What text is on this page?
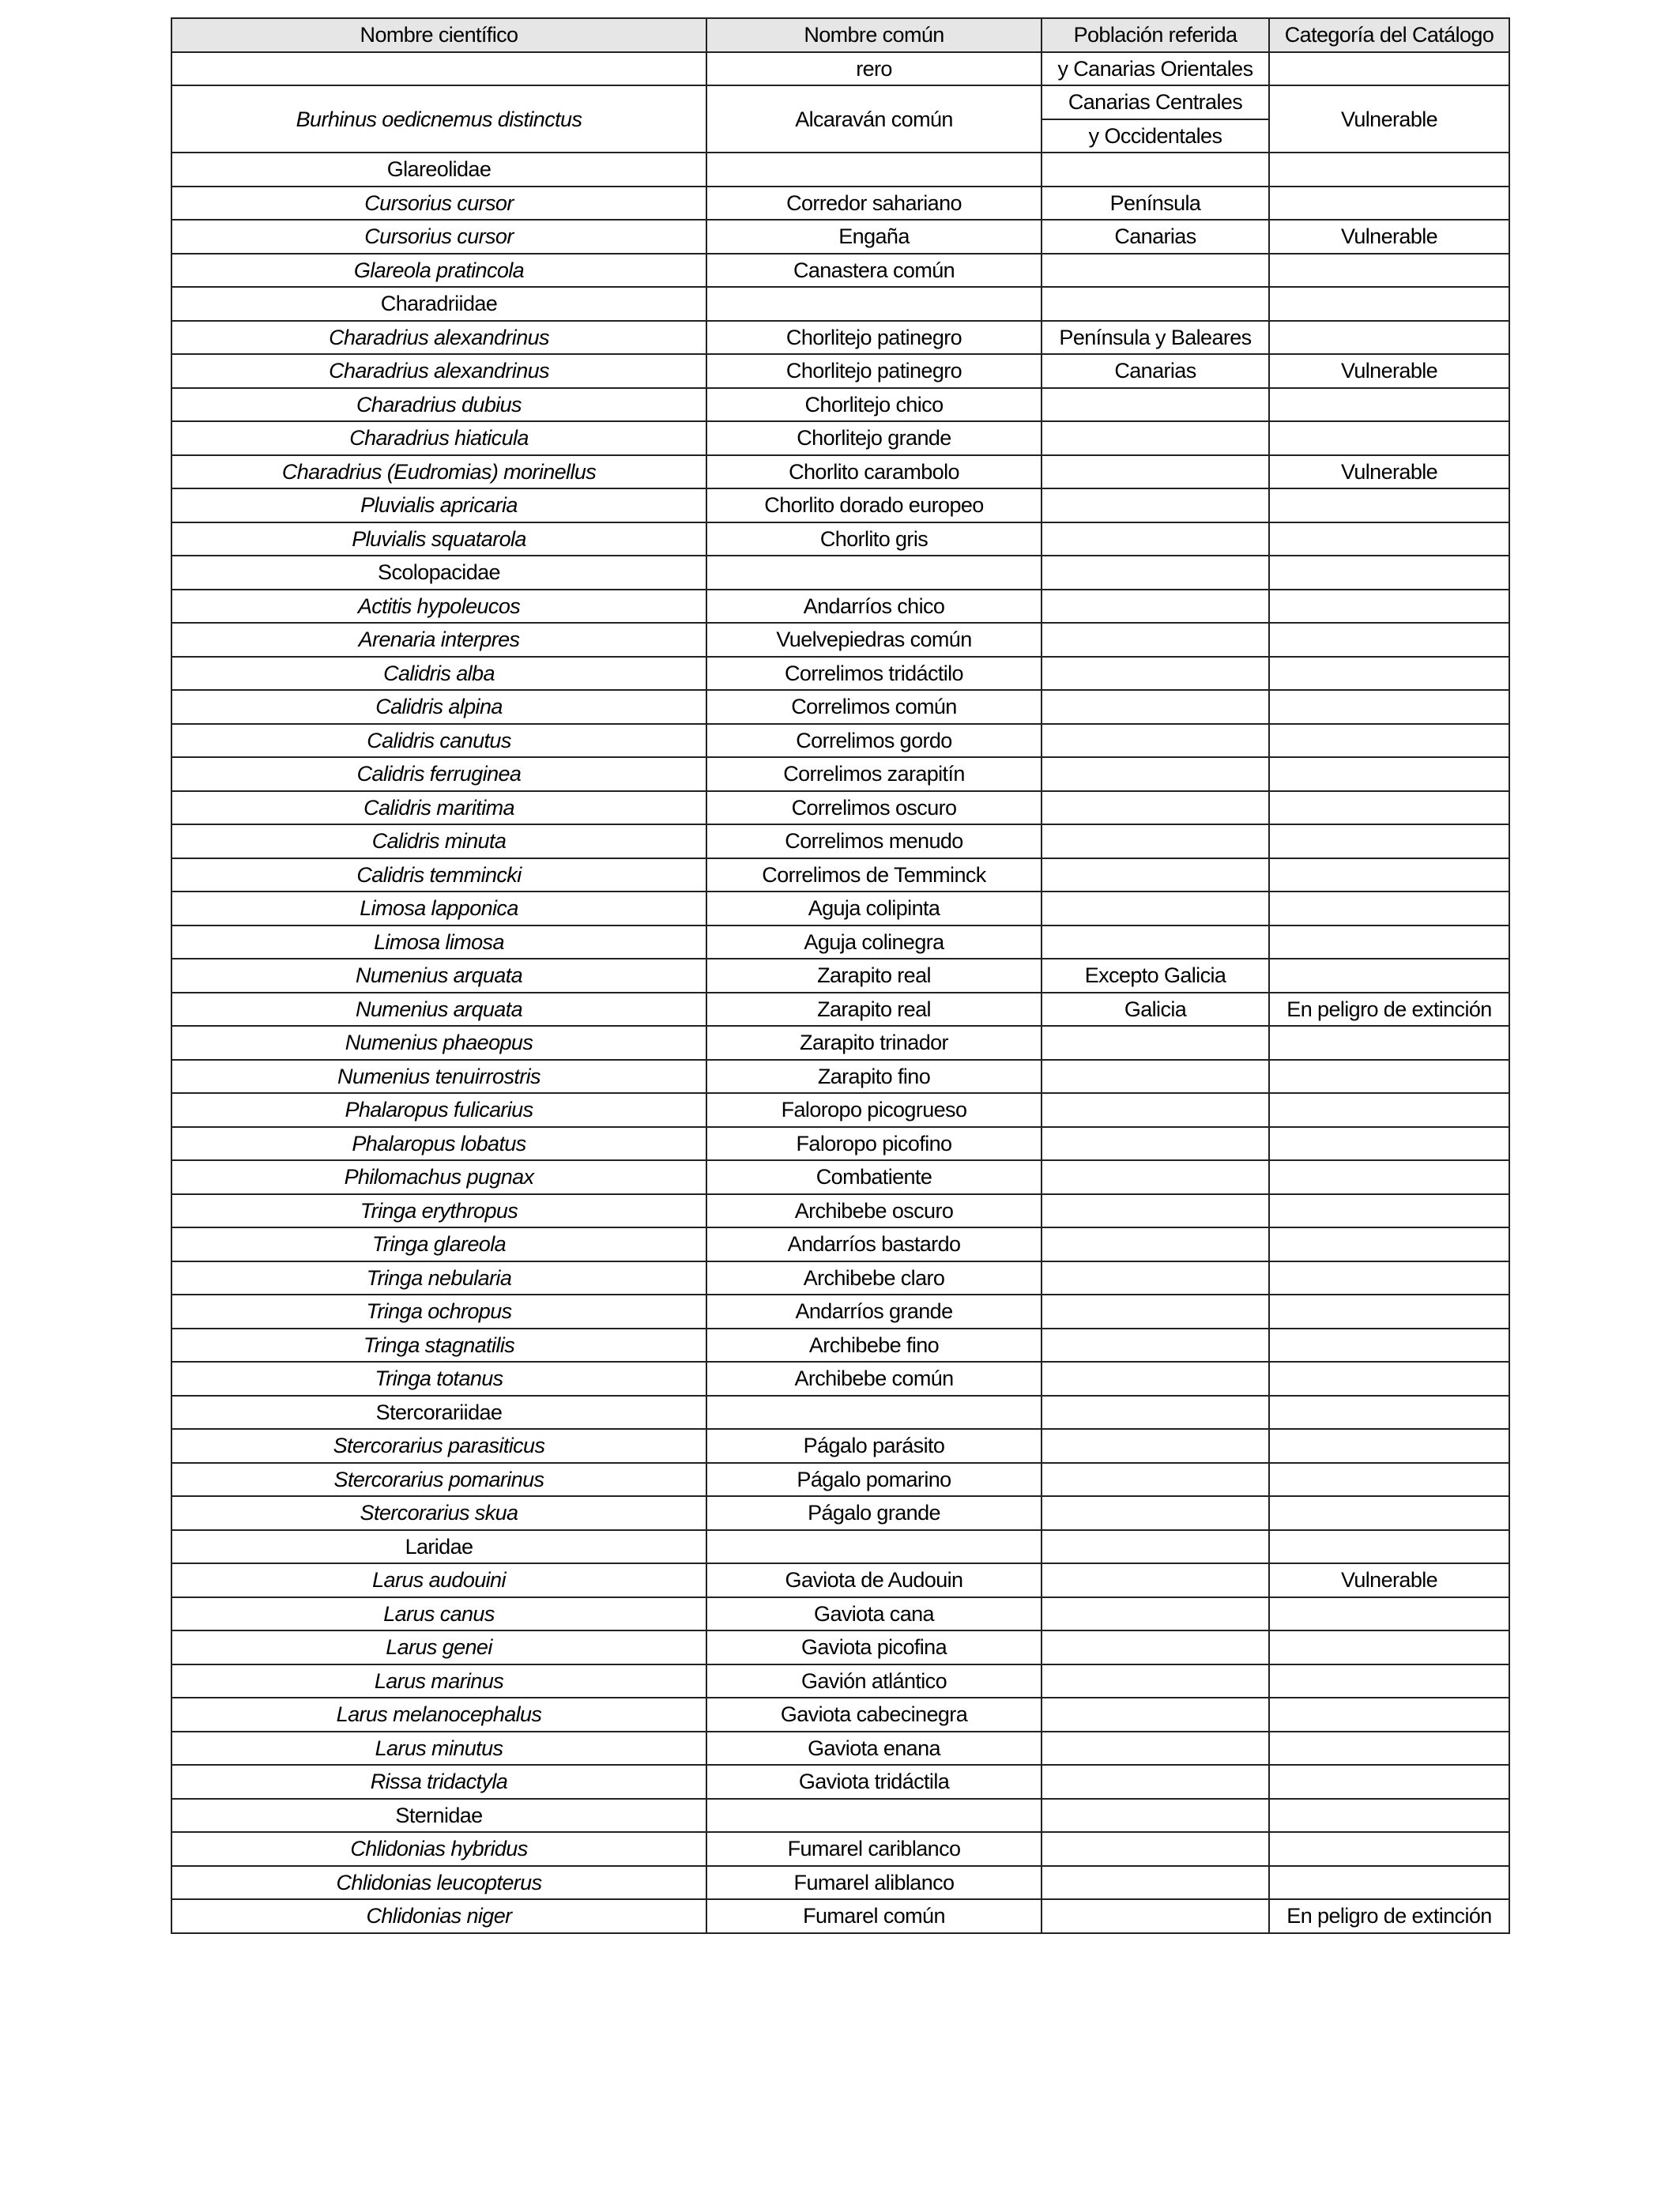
Nombre científico	Nombre común	Población referida	Categoría del Catálogo
	rero	y Canarias Orientales	
Burhinus oedicnemus distinctus	Alcaraván común	Canarias Centrales	Vulnerable
		y Occidentales	
Glareolidae			
Cursorius cursor	Corredor sahariano	Península	
Cursorius cursor	Engaña	Canarias	Vulnerable
Glareola pratincola	Canastera común		
Charadriidae			
Charadrius alexandrinus	Chorlitejo patinegro	Península y Baleares	
Charadrius alexandrinus	Chorlitejo patinegro	Canarias	Vulnerable
Charadrius dubius	Chorlitejo chico		
Charadrius hiaticula	Chorlitejo grande		
Charadrius (Eudromias) morinellus	Chorlito carambolo		Vulnerable
Pluvialis apricaria	Chorlito dorado europeo		
Pluvialis squatarola	Chorlito gris		
Scolopacidae			
Actitis hypoleucos	Andarríos chico		
Arenaria interpres	Vuelvepiedras común		
Calidris alba	Correlimos tridáctilo		
Calidris alpina	Correlimos común		
Calidris canutus	Correlimos gordo		
Calidris ferruginea	Correlimos zarapitín		
Calidris maritima	Correlimos oscuro		
Calidris minuta	Correlimos menudo		
Calidris temmincki	Correlimos de Temminck		
Limosa lapponica	Aguja colipinta		
Limosa limosa	Aguja colinegra		
Numenius arquata	Zarapito real	Excepto Galicia	
Numenius arquata	Zarapito real	Galicia	En peligro de extinción
Numenius phaeopus	Zarapito trinador		
Numenius tenuirrostris	Zarapito fino		
Phalaropus fulicarius	Faloropo picogrueso		
Phalaropus lobatus	Faloropo picofino		
Philomachus pugnax	Combatiente		
Tringa erythropus	Archibebe oscuro		
Tringa glareola	Andarríos bastardo		
Tringa nebularia	Archibebe claro		
Tringa ochropus	Andarríos grande		
Tringa stagnatilis	Archibebe fino		
Tringa totanus	Archibebe común		
Stercorariidae			
Stercorarius parasiticus	Págalo parásito		
Stercorarius pomarinus	Págalo pomarino		
Stercorarius skua	Págalo grande		
Laridae			
Larus audouini	Gaviota de Audouin		Vulnerable
Larus canus	Gaviota cana		
Larus genei	Gaviota picofina		
Larus marinus	Gavión atlántico		
Larus melanocephalus	Gaviota cabecinegra		
Larus minutus	Gaviota enana		
Rissa tridactyla	Gaviota tridáctila		
Sternidae			
Chlidonias hybridus	Fumarel cariblanco		
Chlidonias leucopterus	Fumarel aliblanco		
Chlidonias niger	Fumarel común		En peligro de extinción
